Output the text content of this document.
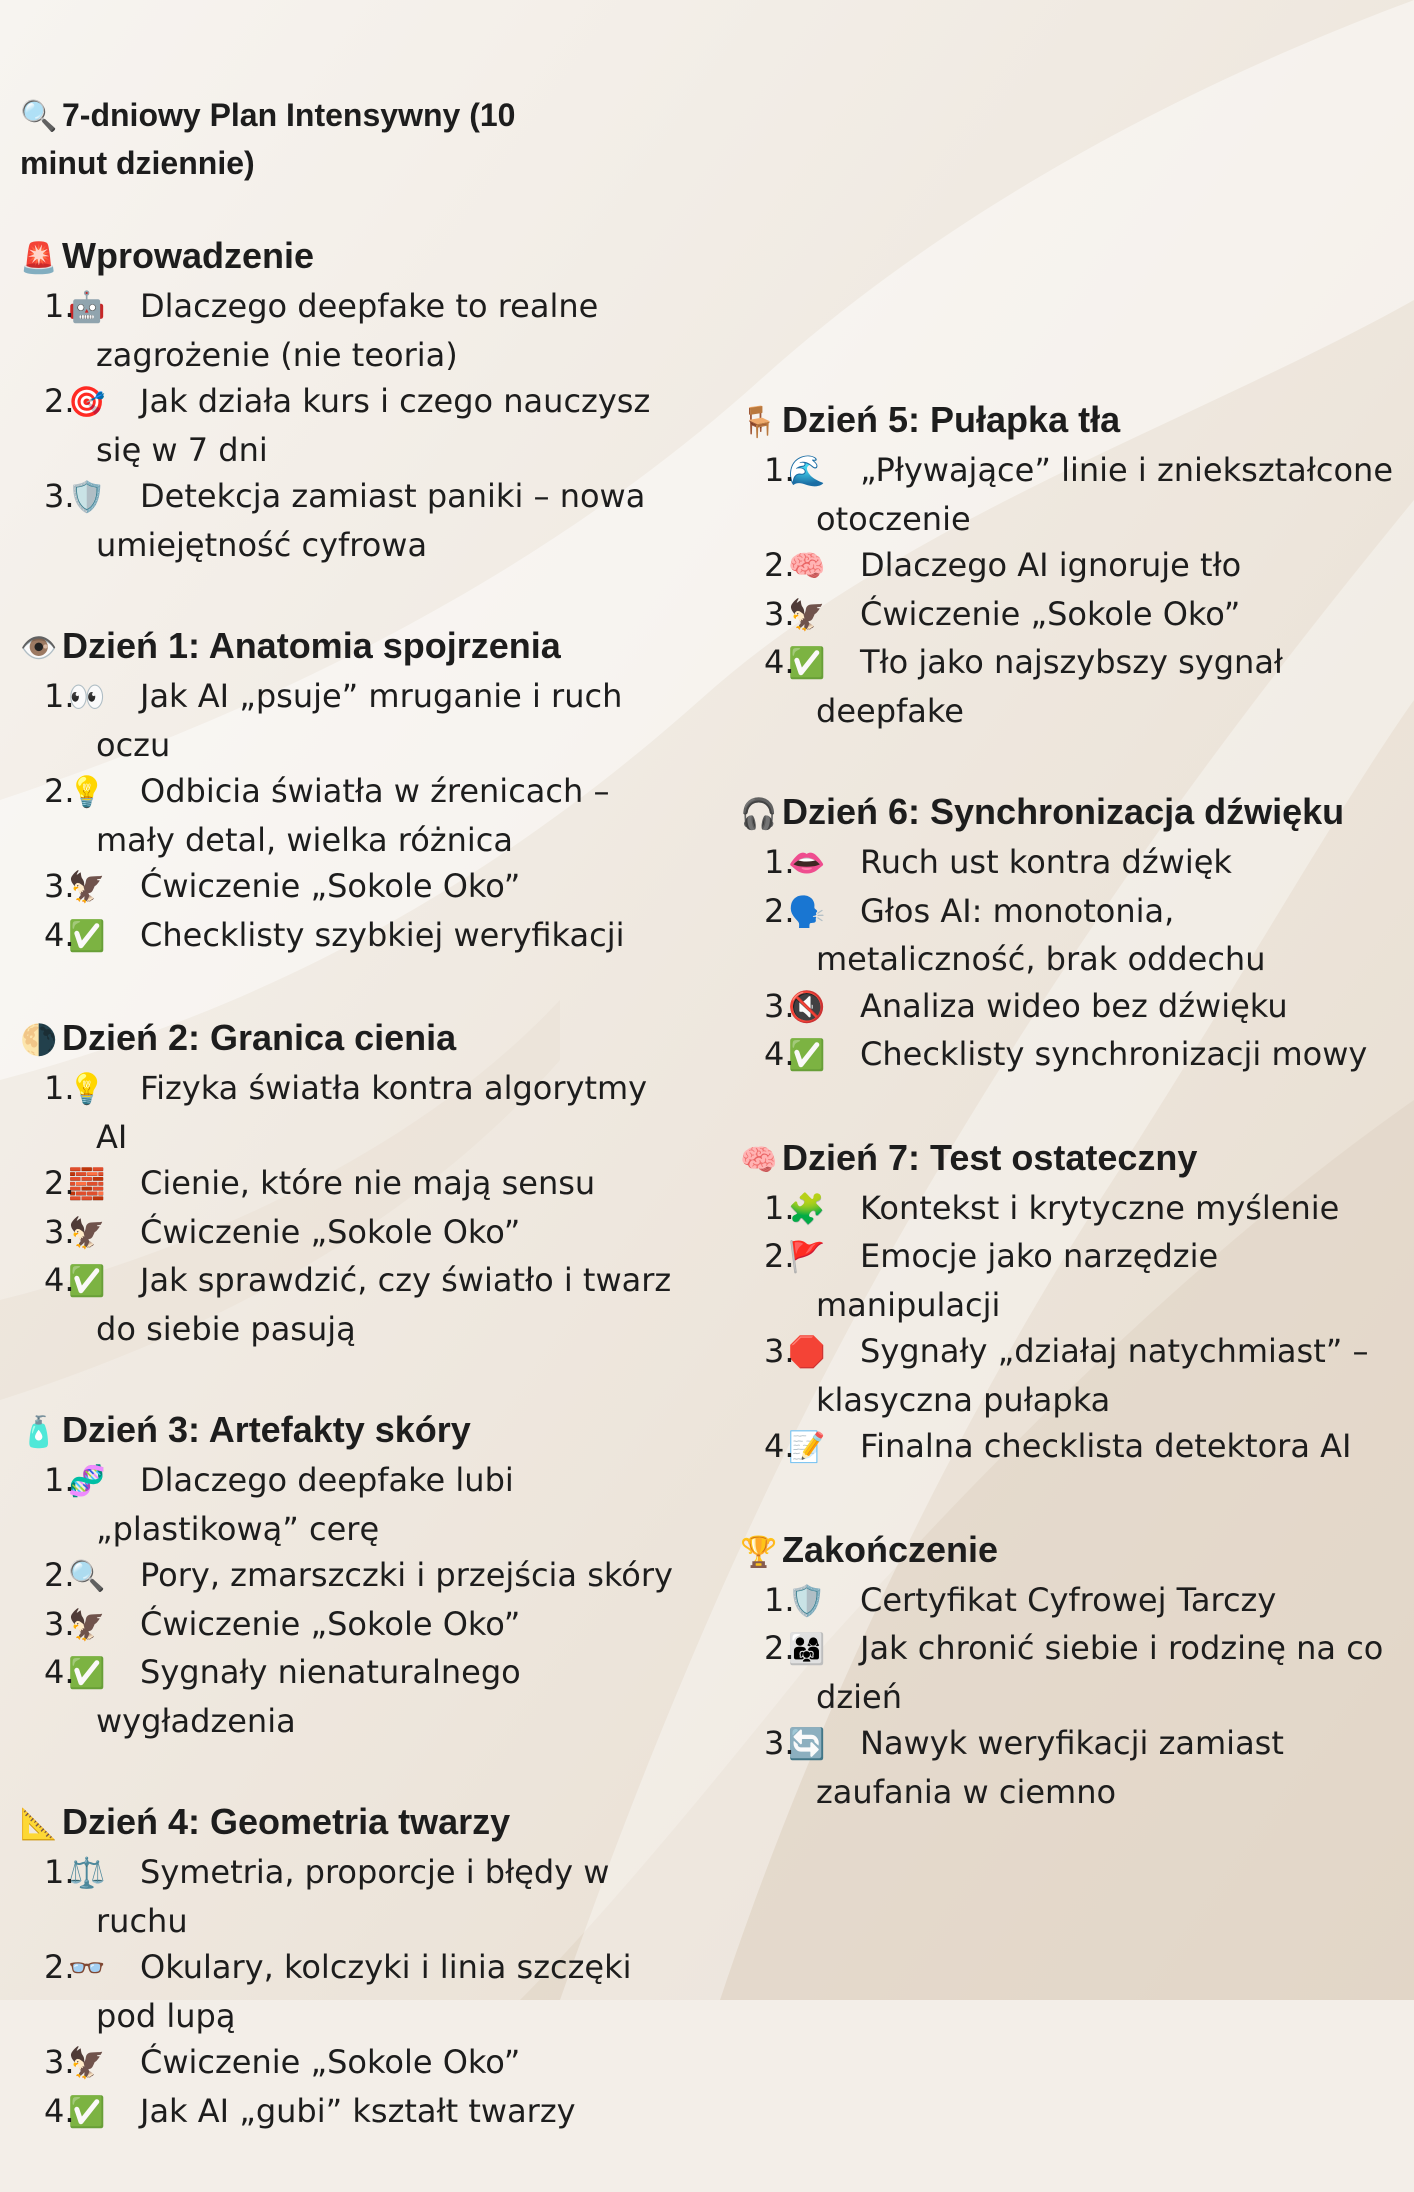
🔍 7-dniowy Plan Intensywny (10 minut dziennie)
🚨 Wprowadzenie
1.
🤖 Dlaczego deepfake to realne zagrożenie (nie teoria)
2.
🎯 Jak działa kurs i czego nauczysz się w 7 dni
3.
🛡️ Detekcja zamiast paniki – nowa umiejętność cyfrowa
👁️ Dzień 1: Anatomia spojrzenia
1.
👀 Jak AI „psuje” mruganie i ruch oczu
2.
💡 Odbicia światła w źrenicach – mały detal, wielka różnica
3.
🦅 Ćwiczenie „Sokole Oko”
4.
✅ Checklisty szybkiej weryfikacji
🌗 Dzień 2: Granica cienia
1.
💡 Fizyka światła kontra algorytmy AI
2.
🧱 Cienie, które nie mają sensu
3.
🦅 Ćwiczenie „Sokole Oko”
4.
✅ Jak sprawdzić, czy światło i twarz do siebie pasują
🧴 Dzień 3: Artefakty skóry
1.
🧬 Dlaczego deepfake lubi „plastikową” cerę
2.
🔍 Pory, zmarszczki i przejścia skóry
3.
🦅 Ćwiczenie „Sokole Oko”
4.
✅ Sygnały nienaturalnego wygładzenia
📐 Dzień 4: Geometria twarzy
1.
⚖️ Symetria, proporcje i błędy w ruchu
2.
👓 Okulary, kolczyki i linia szczęki pod lupą
3.
🦅 Ćwiczenie „Sokole Oko”
4.
✅ Jak AI „gubi” kształt twarzy
🪑 Dzień 5: Pułapka tła
1.
🌊 „Pływające” linie i zniekształcone otoczenie
2.
🧠 Dlaczego AI ignoruje tło
3.
🦅 Ćwiczenie „Sokole Oko”
4.
✅ Tło jako najszybszy sygnał deepfake
🎧 Dzień 6: Synchronizacja dźwięku
1.
👄 Ruch ust kontra dźwięk
2.
🗣️ Głos AI: monotonia, metaliczność, brak oddechu
3.
🔇 Analiza wideo bez dźwięku
4.
✅ Checklisty synchronizacji mowy
🧠 Dzień 7: Test ostateczny
1.
🧩 Kontekst i krytyczne myślenie
2.
🚩 Emocje jako narzędzie manipulacji
3.
🛑 Sygnały „działaj natychmiast” – klasyczna pułapka
4.
📝 Finalna checklista detektora AI
🏆 Zakończenie
1.
🛡️ Certyfikat Cyfrowej Tarczy
2.
👨‍👩‍👧 Jak chronić siebie i rodzinę na co dzień
3.
🔄 Nawyk weryfikacji zamiast zaufania w ciemno
